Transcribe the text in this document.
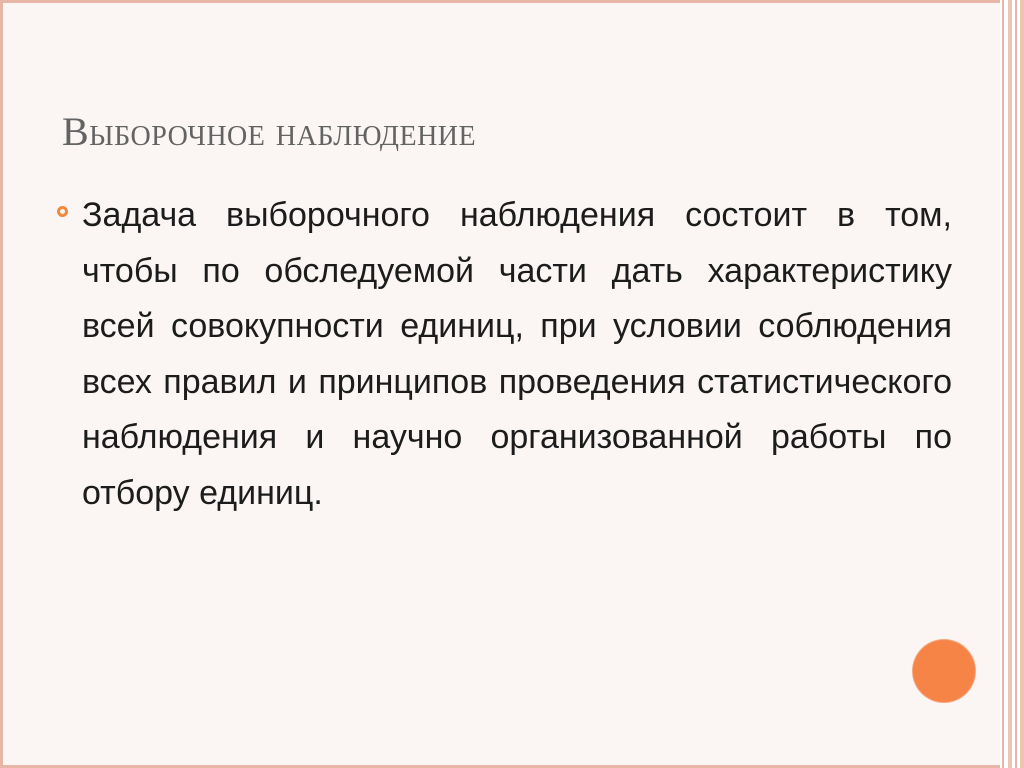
Выборочное наблюдение
Задача выборочного наблюдения состоит в том, чтобы по обследуемой части дать характеристику всей совокупности единиц, при условии соблюдения всех правил и принципов проведения статистического наблюдения и научно организованной работы по отбору единиц.
